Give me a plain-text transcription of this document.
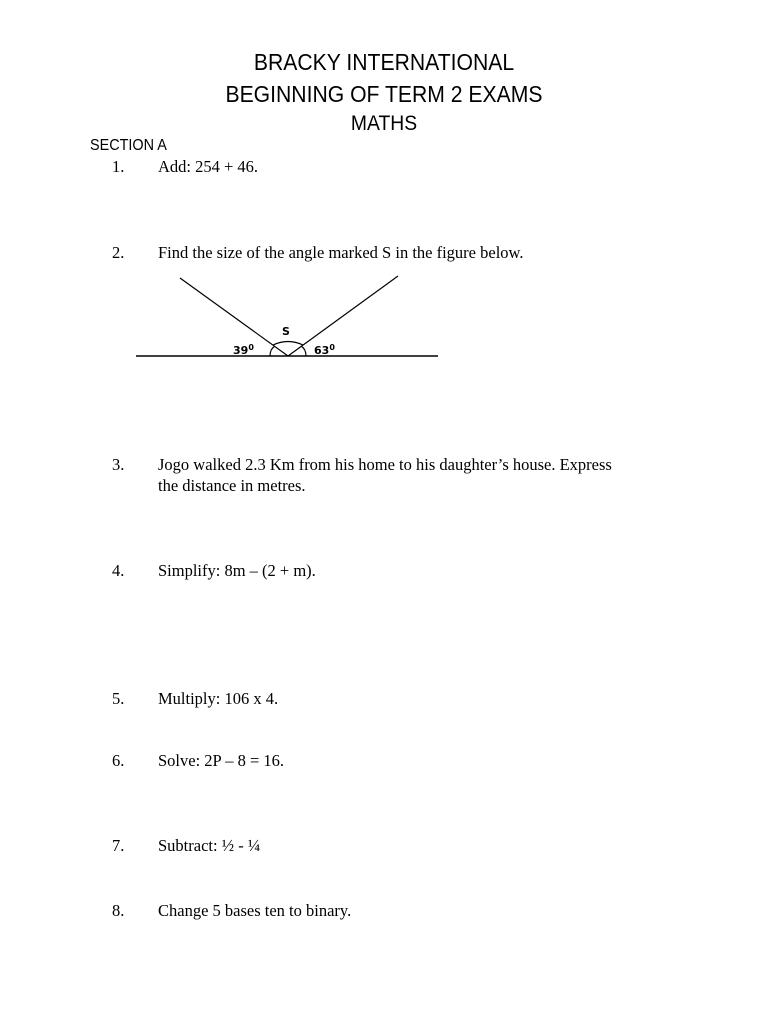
BRACKY INTERNATIONAL
BEGINNING OF TERM 2 EXAMS
MATHS
SECTION A
1.	Add: 254 + 46.
2.	Find the size of the angle marked S in the figure below.
S
$39^0$	$63^0$
3.	Jogo walked 2.3 Km from his home to his daughter’s house. Express
the distance in metres.
4.	Simplify: 8m – (2 + m).
5.	Multiply: 106 x 4.
6.	Solve: 2P – 8 = 16.
7.	Subtract: ½ - ¼
8.	Change 5 bases ten to binary.
